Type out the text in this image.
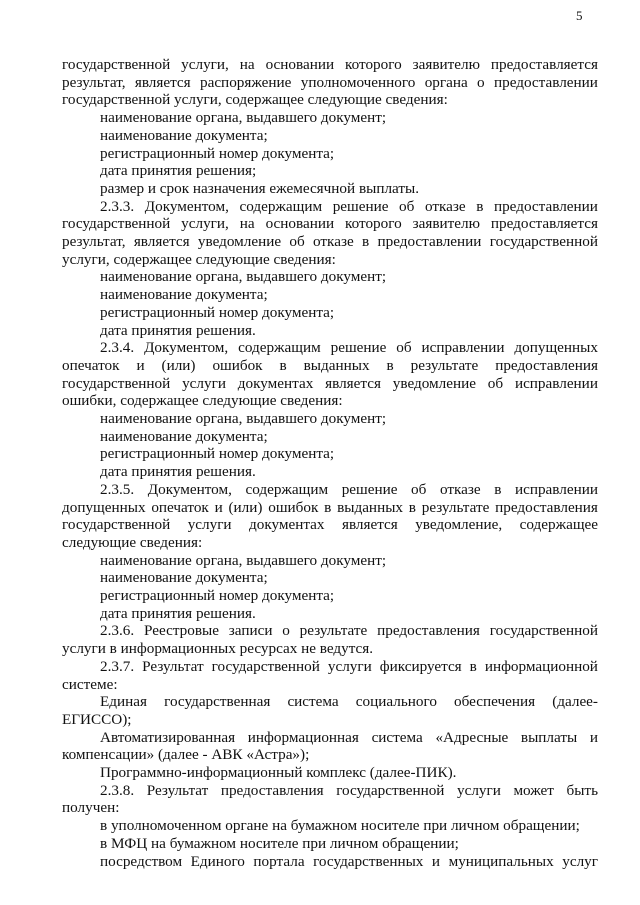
5
государственной услуги, на основании которого заявителю предоставляется
результат, является распоряжение уполномоченного органа о предоставлении
государственной услуги, содержащее следующие сведения:
наименование органа, выдавшего документ;
наименование документа;
регистрационный номер документа;
дата принятия решения;
размер и срок назначения ежемесячной выплаты.
2.3.3. Документом, содержащим решение об отказе в предоставлении
государственной услуги, на основании которого заявителю предоставляется
результат, является уведомление об отказе в предоставлении государственной
услуги, содержащее следующие сведения:
наименование органа, выдавшего документ;
наименование документа;
регистрационный номер документа;
дата принятия решения.
2.3.4. Документом, содержащим решение об исправлении допущенных
опечаток и (или) ошибок в выданных в результате предоставления
государственной услуги документах является уведомление об исправлении
ошибки, содержащее следующие сведения:
наименование органа, выдавшего документ;
наименование документа;
регистрационный номер документа;
дата принятия решения.
2.3.5. Документом, содержащим решение об отказе в исправлении
допущенных опечаток и (или) ошибок в выданных в результате предоставления
государственной услуги документах является уведомление, содержащее
следующие сведения:
наименование органа, выдавшего документ;
наименование документа;
регистрационный номер документа;
дата принятия решения.
2.3.6. Реестровые записи о результате предоставления государственной
услуги в информационных ресурсах не ведутся.
2.3.7. Результат государственной услуги фиксируется в информационной
системе:
Единая государственная система социального обеспечения (далее-
ЕГИССО);
Автоматизированная информационная система «Адресные выплаты и
компенсации» (далее - АВК «Астра»);
Программно-информационный комплекс (далее-ПИК).
2.3.8. Результат предоставления государственной услуги может быть
получен:
в уполномоченном органе на бумажном носителе при личном обращении;
в МФЦ на бумажном носителе при личном обращении;
посредством Единого портала государственных и муниципальных услуг
